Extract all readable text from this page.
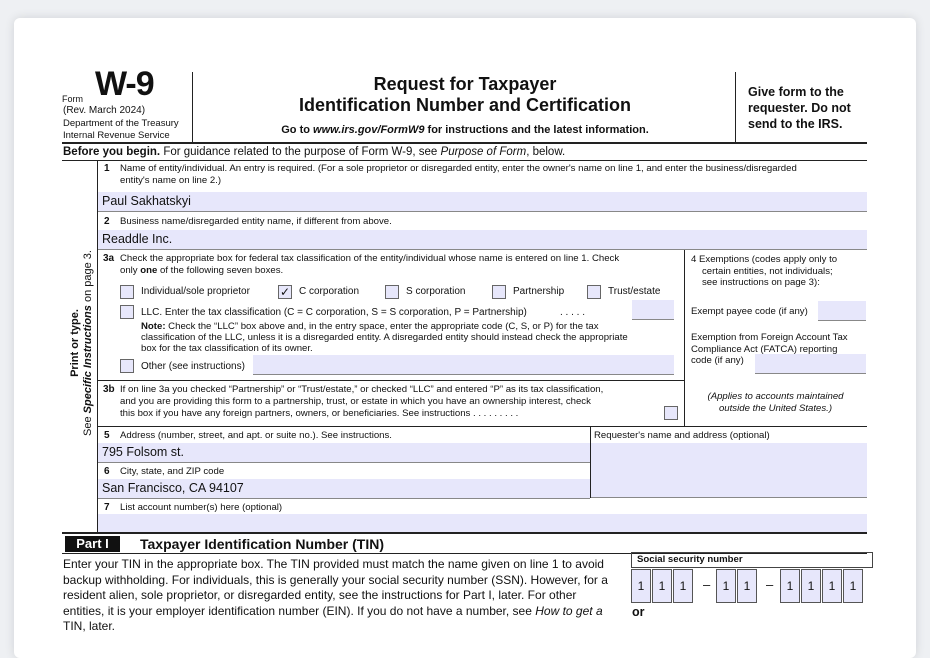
Form W-9
(Rev. March 2024)
Department of the Treasury
Internal Revenue Service
Request for Taxpayer
Identification Number and Certification
Go to www.irs.gov/FormW9 for instructions and the latest information.
Give form to the
requester. Do not
send to the IRS.
Before you begin. For guidance related to the purpose of Form W-9, see Purpose of Form, below.
Print or type.
See Specific Instructions on page 3.
1 Name of entity/individual. An entry is required. (For a sole proprietor or disregarded entity, enter the owner's name on line 1, and enter the business/disregarded
entity's name on line 2.)
Paul Sakhatskyi
2 Business name/disregarded entity name, if different from above.
Readdle Inc.
3a Check the appropriate box for federal tax classification of the entity/individual whose name is entered on line 1. Check
only one of the following seven boxes.
Individual/sole proprietor	✓ C corporation	S corporation	Partnership	Trust/estate
LLC. Enter the tax classification (C = C corporation, S = S corporation, P = Partnership)	. . . . .
Note: Check the “LLC” box above and, in the entry space, enter the appropriate code (C, S, or P) for the tax
classification of the LLC, unless it is a disregarded entity. A disregarded entity should instead check the appropriate
box for the tax classification of its owner.
Other (see instructions)
4 Exemptions (codes apply only to
certain entities, not individuals;
see instructions on page 3):
Exempt payee code (if any)
Exemption from Foreign Account Tax
Compliance Act (FATCA) reporting
code (if any)
(Applies to accounts maintained
outside the United States.)
3b If on line 3a you checked “Partnership” or “Trust/estate,” or checked “LLC” and entered “P” as its tax classification,
and you are providing this form to a partnership, trust, or estate in which you have an ownership interest, check
this box if you have any foreign partners, owners, or beneficiaries. See instructions . . . . . . . . .
5 Address (number, street, and apt. or suite no.). See instructions.	Requester's name and address (optional)
795 Folsom st.
6 City, state, and ZIP code
San Francisco, CA 94107
7 List account number(s) here (optional)
Part I	Taxpayer Identification Number (TIN)
Enter your TIN in the appropriate box. The TIN provided must match the name given on line 1 to avoid
backup withholding. For individuals, this is generally your social security number (SSN). However, for a
resident alien, sole proprietor, or disregarded entity, see the instructions for Part I, later. For other
entities, it is your employer identification number (EIN). If you do not have a number, see How to get a
TIN, later.
Social security number
1	1	1	–	1	1	–	1	1	1	1
or
